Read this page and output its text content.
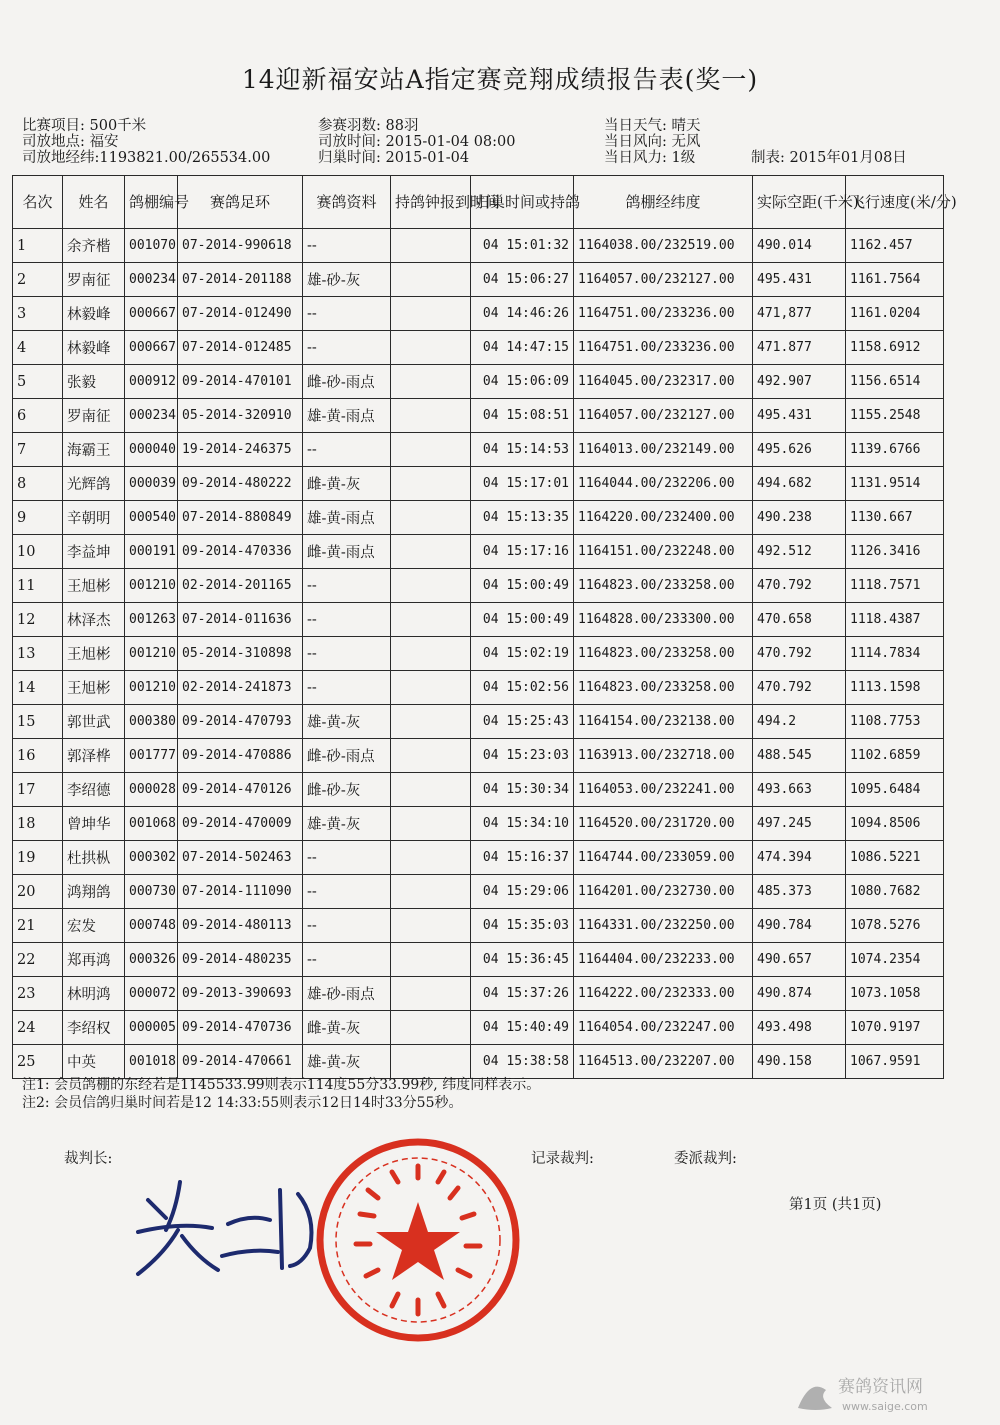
14迎新福安站A指定赛竞翔成绩报告表(奖一)
比赛项目: 500千米
司放地点: 福安
司放地经纬:1193821.00/265534.00
参赛羽数: 88羽
司放时间: 2015-01-04 08:00
归巢时间: 2015-01-04
当日天气: 晴天
当日风向: 无风
当日风力: 1级	制表: 2015年01月08日
名次	姓名	鸽棚编号	赛鸽足环	赛鸽资料	持鸽钟报到时间	归巢时间或持鸽	鸽棚经纬度	实际空距(千米)	飞行速度(米/分)
1	余齐楷	001070	07-2014-990618	--		04 15:01:32	1164038.00/232519.00	490.014	1162.457
2	罗南征	000234	07-2014-201188	雄-砂-灰		04 15:06:27	1164057.00/232127.00	495.431	1161.7564
3	林毅峰	000667	07-2014-012490	--		04 14:46:26	1164751.00/233236.00	471,877	1161.0204
4	林毅峰	000667	07-2014-012485	--		04 14:47:15	1164751.00/233236.00	471.877	1158.6912
5	张毅	000912	09-2014-470101	雌-砂-雨点		04 15:06:09	1164045.00/232317.00	492.907	1156.6514
6	罗南征	000234	05-2014-320910	雄-黄-雨点		04 15:08:51	1164057.00/232127.00	495.431	1155.2548
7	海霸王	000040	19-2014-246375	--		04 15:14:53	1164013.00/232149.00	495.626	1139.6766
8	光辉鸽	000039	09-2014-480222	雌-黄-灰		04 15:17:01	1164044.00/232206.00	494.682	1131.9514
9	辛朝明	000540	07-2014-880849	雄-黄-雨点		04 15:13:35	1164220.00/232400.00	490.238	1130.667
10	李益坤	000191	09-2014-470336	雌-黄-雨点		04 15:17:16	1164151.00/232248.00	492.512	1126.3416
11	王旭彬	001210	02-2014-201165	--		04 15:00:49	1164823.00/233258.00	470.792	1118.7571
12	林泽杰	001263	07-2014-011636	--		04 15:00:49	1164828.00/233300.00	470.658	1118.4387
13	王旭彬	001210	05-2014-310898	--		04 15:02:19	1164823.00/233258.00	470.792	1114.7834
14	王旭彬	001210	02-2014-241873	--		04 15:02:56	1164823.00/233258.00	470.792	1113.1598
15	郭世武	000380	09-2014-470793	雄-黄-灰		04 15:25:43	1164154.00/232138.00	494.2	1108.7753
16	郭泽桦	001777	09-2014-470886	雌-砂-雨点		04 15:23:03	1163913.00/232718.00	488.545	1102.6859
17	李绍德	000028	09-2014-470126	雌-砂-灰		04 15:30:34	1164053.00/232241.00	493.663	1095.6484
18	曾坤华	001068	09-2014-470009	雄-黄-灰		04 15:34:10	1164520.00/231720.00	497.245	1094.8506
19	杜拱枞	000302	07-2014-502463	--		04 15:16:37	1164744.00/233059.00	474.394	1086.5221
20	鸿翔鸽	000730	07-2014-111090	--		04 15:29:06	1164201.00/232730.00	485.373	1080.7682
21	宏发	000748	09-2014-480113	--		04 15:35:03	1164331.00/232250.00	490.784	1078.5276
22	郑再鸿	000326	09-2014-480235	--		04 15:36:45	1164404.00/232233.00	490.657	1074.2354
23	林明鸿	000072	09-2013-390693	雄-砂-雨点		04 15:37:26	1164222.00/232333.00	490.874	1073.1058
24	李绍权	000005	09-2014-470736	雌-黄-灰		04 15:40:49	1164054.00/232247.00	493.498	1070.9197
25	中英	001018	09-2014-470661	雄-黄-灰		04 15:38:58	1164513.00/232207.00	490.158	1067.9591
注1: 会员鸽棚的东经若是1145533.99则表示114度55分33.99秒, 纬度同样表示。
注2: 会员信鸽归巢时间若是12 14:33:55则表示12日14时33分55秒。
裁判长:	记录裁判:	委派裁判:
第1页 (共1页)
赛鸽资讯网
www.saige.com
